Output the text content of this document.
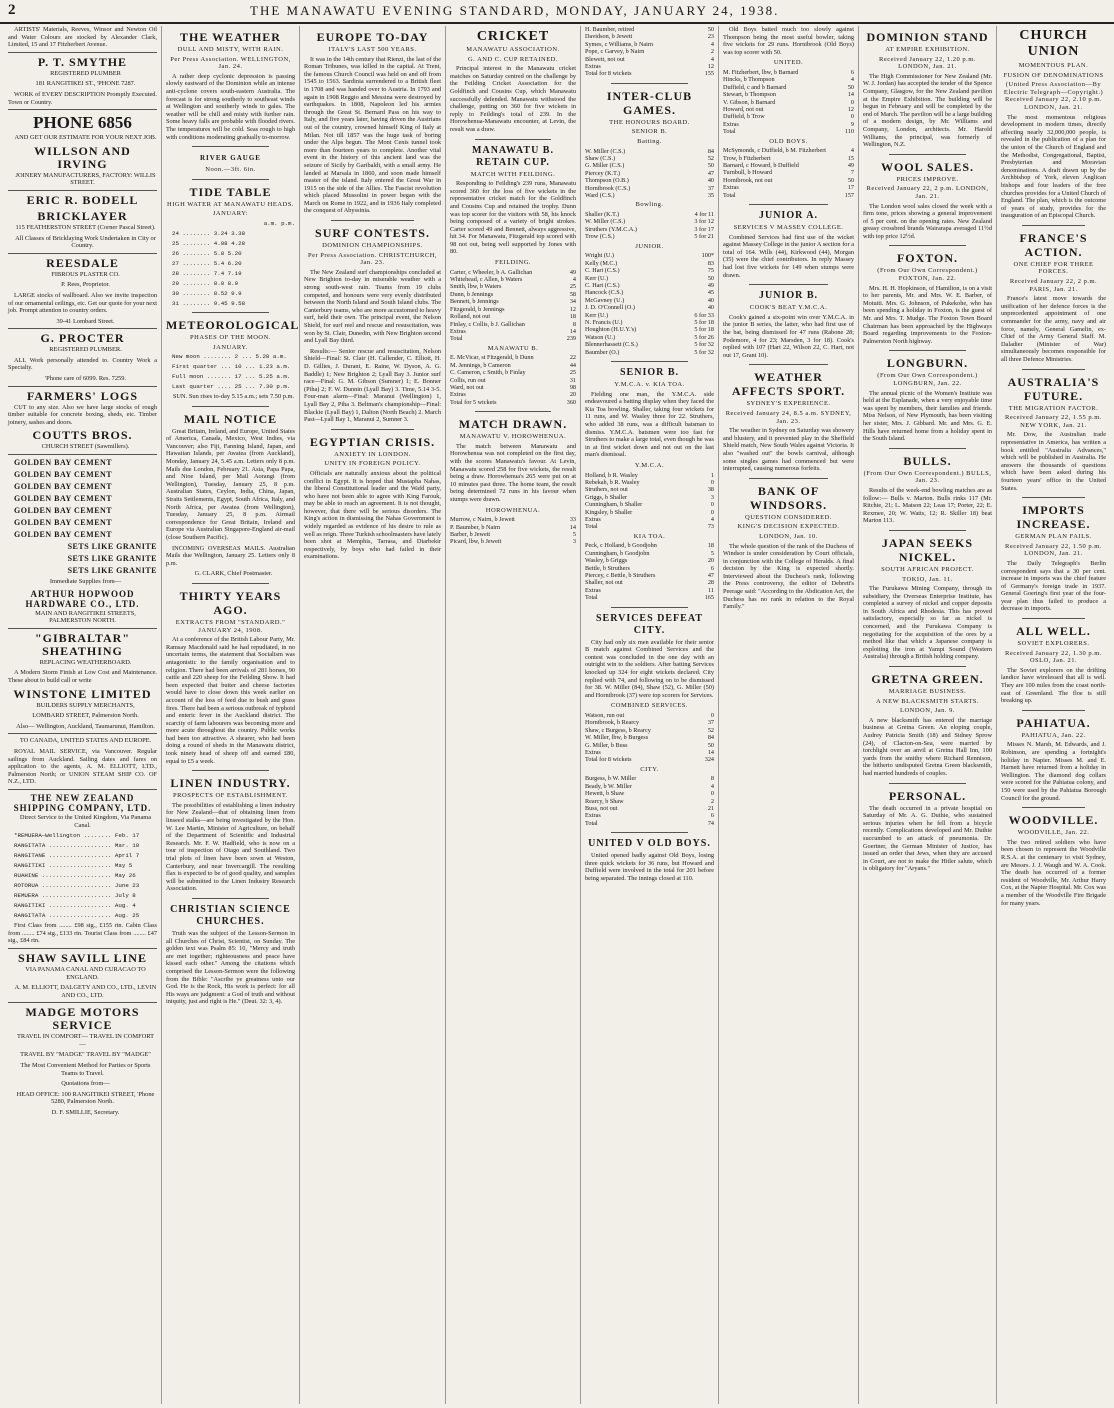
2	THE MANAWATU EVENING STANDARD, MONDAY, JANUARY 24, 1938.

ARTISTS' Materials, Reeves, Winsor and Newton Oil and Water Colours are stocked by Alexander Clark, Limited, 15 and 17 Fitzherbert Avenue.

P. T. SMYTHE

REGISTERED PLUMBER

181 RANGITIKEI ST., 'PHONE 7287.

WORK of EVERY DESCRIPTION Promptly Executed. Town or Country.

PHONE 6856

AND GET OUR ESTIMATE FOR YOUR NEXT JOB.

WILLSON AND IRVING

JOINERY MANUFACTURERS, FACTORY: WILLIS STREET.

ERIC R. BODELL
BRICKLAYER

115 FEATHERSTON STREET (Corner Pascal Street).

All Classes of Bricklaying Work Undertaken in City or Country.

REESDALE

FIBROUS PLASTER CO.

P. Rees, Proprietor.

LARGE stocks of wallboard. Also we invite inspection of our ornamental ceilings, etc. Get our quote for your next job. Prompt attention to country orders.

39-41 Lombard Street.

G. PROCTER

REGISTERED PLUMBER.

ALL Work personally attended to. Country Work a Specialty.

'Phone care of 6099. Res. 7259.

FARMERS' LOGS

CUT to any size. Also we have large stocks of rough timber suitable for concrete boxing, sheds, etc. Timber joinery, sashes and doors.

COUTTS BROS.

CHURCH STREET (Sawmillers).

GOLDEN BAY CEMENT

GOLDEN BAY CEMENT

GOLDEN BAY CEMENT

GOLDEN BAY CEMENT

GOLDEN BAY CEMENT

GOLDEN BAY CEMENT

GOLDEN BAY CEMENT

SETS LIKE GRANITE

SETS LIKE GRANITE

SETS LIKE GRANITE

Immediate Supplies from—

ARTHUR HOPWOOD HARDWARE CO., LTD.

MAIN AND RANGITIKEI STREETS, PALMERSTON NORTH.

"GIBRALTAR" SHEATHING

REPLACING WEATHERBOARD.

A Modern Storm Finish at Low Cost and Maintenance. These about to build call or write

WINSTONE LIMITED

BUILDERS SUPPLY MERCHANTS,

LOMBARD STREET, Palmerston North.

Also— Wellington, Auckland, Taumarunui, Hamilton.

TO CANADA, UNITED STATES AND EUROPE.

ROYAL MAIL SERVICE, via Vancouver. Regular sailings from Auckland. Sailing dates and fares on application to the agents, A. M. ELLIOTT, LTD., Palmerston North; or UNION STEAM SHIP CO. OF N.Z., LTD.

THE NEW ZEALAND SHIPPING COMPANY, LTD.

Direct Service to the United Kingdom, Via Panama Canal.

*REMUERA—Wellington ........ Feb. 17

RANGITATA .................. Mar. 10

RANGITANE .................. April 7

RANGITIKI .................. May 5

RUAHINE .................... May 26

ROTORUA .................... June 23

REMUERA .................... July 8

RANGITIKI .................. Aug. 4

RANGITATA .................. Aug. 25

First Class from ........ £98 stg., £155 rtn. Cabin Class from ........ £74 stg., £133 rtn. Tourist Class from ........ £47 stg., £84 rtn.

SHAW SAVILL LINE

VIA PANAMA CANAL AND CURACAO TO ENGLAND.

A. M. ELLIOTT, DALGETY AND CO., LTD., LEVIN AND CO., LTD.

MADGE MOTORS SERVICE

TRAVEL IN COMFORT— TRAVEL IN COMFORT—

TRAVEL BY "MADGE" TRAVEL BY "MADGE"

The Most Convenient Method for Parties or Sports Teams to Travel.

Quotations from—

HEAD OFFICE: 100 RANGITIKEI STREET, 'Phone 5280, Palmerston North.

D. F. SMILLIE, Secretary.

THE WEATHER
DULL AND MISTY, WITH RAIN.
Per Press Association. WELLINGTON, Jan. 24.

A rather deep cyclonic depression is passing slowly eastward of the Dominion while an intense anti-cyclone covers south-eastern Australia. The forecast is for strong southerly to southeast winds at Wellington and southerly winds to gales. The weather will be chill and misty with further rain. Some heavy falls are probable with flooded rivers. The temperatures will be cold. Seas rough to high with conditions moderating gradually to-morrow.

RIVER GAUGE
Noon.—3ft. 6in.
TIDE TABLE
HIGH WATER AT MANAWATU HEADS.
JANUARY:

a.m. p.m.

24 ........ 3.24 3.38

25 ........ 4.08 4.28

26 ........ 5.8 5.20

27 ........ 5.4 6.20

28 ........ 7.4 7.19

29 ........ 8.0 8.9

30 ........ 8.52 9.9

31 ........ 9.45 9.58

METEOROLOGICAL
PHASES OF THE MOON.
JANUARY.

New moon ........ 2 ... 5.28 a.m.

First quarter ... 10 ... 1.23 a.m.

Full moon ....... 17 ... 5.25 a.m.

Last quarter .... 25 ... 7.30 p.m.

SUN. Sun rises to-day 5.15 a.m.; sets 7.50 p.m.

MAIL NOTICE

Great Britain, Ireland, and Europe, United States of America, Canada, Mexico, West Indies, via Vancouver; also Fiji, Fanning Island, Japan, and Hawaiian Islands, per Awatea (from Auckland), Monday, January 24, 5.45 a.m. Letters only 8 p.m. Mails due London, February 21. Asia, Papa Papa, and Nioe Island, per Mail Aorangi (from Wellington), Tuesday, January 25, 8 p.m. Australian States, Ceylon, India, China, Japan, Straits Settlements, Egypt, South Africa, Italy, and North Africa, per Awatea (from Wellington), Tuesday, January 25, 8 p.m. Airmail correspondence for Great Britain, Ireland and Europe via Australian Singapore-England air-mail (close Southern Pacific).

INCOMING OVERSEAS MAILS. Australian Mails due Wellington, January 25. Letters only 8 p.m.

G. CLARK, Chief Postmaster.

THIRTY YEARS AGO.
EXTRACTS FROM "STANDARD." JANUARY 24, 1908.

At a conference of the British Labour Party, Mr. Ramsay Macdonald said he had repudiated, in no uncertain terms, the statement that Socialism was antagonistic to the family organisation and to religion. There had been arrivals of 281 horses, 90 cattle and 220 sheep for the Feilding Show. It had been expected that butter and cheese factories would have to close down this week earlier on account of the loss of feed due to bush and grass fires. There had been a serious outbreak of typhoid and enteric fever in the Auckland district. The scarcity of farm labourers was becoming more and more acute throughout the country. Public works had been too attractive. A shearer, who had been doing a round of sheds in the Manawatu district, took ninety head of sheep off and earned £80, equal to £5 a week.

LINEN INDUSTRY.
PROSPECTS OF ESTABLISHMENT.

The possibilities of establishing a linen industry for New Zealand—that of obtaining linen from linseed stalks—are being investigated by the Hon. W. Lee Martin, Minister of Agriculture, on behalf of the Department of Scientific and Industrial Research. Mr. F. W. Hadfield, who is now on a tour of inspection of Otago and Southland. Two trial plots of linen have been sown at Weston, Canterbury, and near Invercargill. The resulting flax is expected to be of good quality, and samples will be submitted to the Linen Industry Research Association.

CHRISTIAN SCIENCE CHURCHES.

Truth was the subject of the Lesson-Sermon in all Churches of Christ, Scientist, on Sunday. The golden text was Psalm 85: 10, "Mercy and truth are met together; righteousness and peace have kissed each other." Among the citations which comprised the Lesson-Sermon were the following from the Bible: "Ascribe ye greatness unto our God. He is the Rock, His work is perfect: for all His ways are judgment: a God of truth and without iniquity, just and right is He." (Deut. 32: 3, 4).

EUROPE TO-DAY
ITALY'S LAST 500 YEARS.

It was in the 14th century that Rienzi, the last of the Roman Tribunes, was killed in the capital. At Trent, the famous Church Council was held on and off from 1545 to 1563. Sardinia surrendered to a British fleet in 1708 and was handed over to Austria. In 1793 and again in 1908 Reggio and Messina were destroyed by earthquakes. In 1808, Napoleon led his armies through the Great St. Bernard Pass on his way to Italy, and five years later, having driven the Austrians out of the country, crowned himself King of Italy at Milan. Not till 1857 was the huge task of boring under the Alps begun. The Mont Cenis tunnel took more than fourteen years to complete. Another vital event in the history of this ancient land was the seizure of Sicily by Garibaldi, with a small army. He landed at Marsala in 1860, and soon made himself master of the island. Italy entered the Great War in 1915 on the side of the Allies. The Fascist revolution which placed Mussolini in power began with the March on Rome in 1922, and in 1936 Italy completed the conquest of Abyssinia.

SURF CONTESTS.
DOMINION CHAMPIONSHIPS.
Per Press Association. CHRISTCHURCH, Jan. 23.

The New Zealand surf championships concluded at New Brighton to-day in miserable weather with a strong south-west rain. Teams from 19 clubs competed, and honours were very evenly distributed between the North Island and South Island clubs. The Canterbury teams, who are more accustomed to heavy surf, held their own. The principal event, the Nelson Shield, for surf reel and rescue and resuscitation, was won by St. Clair, Dunedin, with New Brighton second and Lyall Bay third.

Results:— Senior rescue and resuscitation, Nelson Shield—Final: St. Clair (H. Callender, C. Elliott, H. D. Gillies, J. Durant, E. Raine, W. Dyson, A. G. Baddle) 1; New Brighton 2; Lyall Bay 3. Junior surf race—Final: G. M. Gibson (Sumner) 1; E. Bonner (Piha) 2; F. W. Dunnin (Lyall Bay) 3. Time, 5.14 3-5. Four-man alarm—Final: Maranui (Wellington) 1, Lyall Bay 2, Piha 3. Beltman's championship—Final: Blackie (Lyall Bay) 1, Dalton (North Beach) 2. March Past—Lyall Bay 1, Maranui 2, Sumner 3.

EGYPTIAN CRISIS.
ANXIETY IN LONDON.
UNITY IN FOREIGN POLICY.

Officials are naturally anxious about the political conflict in Egypt. It is hoped that Mustapha Nahas, the liberal Constitutional leader and the Wafd party, who have not been able to agree with King Farouk, may be able to reach an agreement. It is not thought, however, that there will be serious disorders. The King's action in dismissing the Nahas Government is widely regarded as evidence of his desire to rule as well as reign. Three Turkish schoolmasters have lately been shot at Memphis, Tarrasa, and Diarbekir respectively, by boys who had failed in their examinations.

CRICKET
MANAWATU ASSOCIATION.
G. AND C. CUP RETAINED.

Principal interest in the Manawatu cricket matches on Saturday centred on the challenge by the Feilding Cricket Association for the Goldfinch and Cousins Cup, which Manawatu successfully defended. Manawatu withstood the challenge, putting on 360 for five wickets in reply to Feilding's total of 239. In the Horowhenua-Manawatu encounter, at Levin, the result was a draw.

MANAWATU B. RETAIN CUP.
MATCH WITH FEILDING.

Responding to Feilding's 239 runs, Manawatu scored 360 for the loss of five wickets in the representative cricket match for the Goldfinch and Cousins Cup and retained the trophy. Dunn was top scorer for the visitors with 58, his knock being composed of a variety of bright strokes. Carter scored 49 and Bennett, always aggressive, hit 34. For Manawatu, Fitzgerald top scored with 98 not out, being well supported by Jones with 80.

FEILDING.
Carter, c Wheeler, b A. Gallichan	49
Whitehead, c Allen, b Waters	4
Smith, lbw, b Waters	25
Dunn, b Jennings	58
Bennett, b Jennings	34
Fitzgerald, b Jennings	12
Rolland, not out	18
Finlay, c Collis, b J. Gallichan	8
Extras	14
Total	239
MANAWATU B.
E. McVicar, st Fitzgerald, b Dunn	22
M. Jennings, b Cameron	44
C. Cameron, c Smith, b Finlay	25
Collis, run out	31
Ward, not out	98
Extras	20
Total for 5 wickets	360
MATCH DRAWN.
MANAWATU V. HOROWHENUA.

The match between Manawatu and Horowhenua was not completed on the first day, with the scores Manawatu's favour. At Levin, Manawatu scored 258 for five wickets, the result being a draw. Horowhenua's 265 were put on at 10 minutes past three. The home team, the result being determined 72 runs in his favour when stumps were drawn.

HOROWHENUA.
Murrow, c Nairn, b Jewett	33
P. Baumber, b Nairn	14
Barber, b Jewett	5
Picard, lbw, b Jewett	3
H. Baumber, retired	50
Davidson, b Jewett	23
Symes, c Williams, b Nairn	4
Pope, c Garvey, b Nairn	2
Blewett, not out	4
Extras	12
Total for 8 wickets	155
INTER-CLUB GAMES.
THE HONOURS BOARD.
SENIOR B.
Batting.
W. Miller (C.S.)	84
Shaw (C.S.)	52
G. Miller (C.S.)	50
Piercey (K.T.)	47
Thompson (O.B.)	40
Hornibrook (C.S.)	37
Ward (C.S.)	35
Bowling.
Shaller (K.T.)	4 for 11
W. Miller (C.S.)	3 for 12
Struthers (Y.M.C.A.)	3 for 17
Trow (C.S.)	5 for 21
JUNIOR.
Wright (U.)	100*
Kelly (M.C.)	83
C. Hart (C.S.)	75
Kerr (U.)	50
C. Hart (C.S.)	49
Hancock (C.S.)	45
McGavney (U.)	40
J. D. O'Connell (O.)	40
Kerr (U.)	6 for 33
N. Francis (U.)	5 for 18
Houghton (H.U.Y.'s)	5 for 18
Watson (U.)	5 for 26
Blennerhassett (C.S.)	5 for 32
Baumber (O.)	5 for 32
SENIOR B.
Y.M.C.A. v. KIA TOA.

Fielding one man, the Y.M.C.A. side endeavoured a batting display when they faced the Kia Toa bowling. Shaller, taking four wickets for 11 runs, and W. Wasley three for 22. Struthers, who added 38 runs, was a difficult batsman to dismiss. Y.M.C.A. batsmen were too fast for Struthers to make a large total, even though he was in at first wicket down and not out on the last man's dismissal.

Y.M.C.A.
Holland, b R. Wasley	1
Rebekah, b R. Wasley	0
Struthers, not out	38
Griggs, b Shaller	3
Cunningham, b Shaller	0
Kingsley, b Shaller	0
Extras	4
Total	73
KIA TOA.
Peck, c Holland, b Goodjohn	18
Cunningham, b Goodjohn	5
Wasley, b Griggs	20
Bettle, b Struthers	6
Piercey, c Bettle, b Struthers	47
Shaller, not out	28
Extras	11
Total	165
SERVICES DEFEAT CITY.

City had only six men available for their senior B match against Combined Services and the contest was concluded in the one day with an outright win to the soldiers. After batting Services knocked up 324 for eight wickets declared. City replied with 74, and following on to be dismissed for 38. W. Miller (84), Shaw (52), G. Miller (50) and Hornibrook (37) were top scorers for Services.

COMBINED SERVICES.
Watson, run out	0
Hornibrook, b Rearcy	37
Shaw, c Burgess, b Rearcy	52
W. Miller, lbw, b Burgess	84
G. Miller, b Buss	50
Extras	14
Total for 8 wickets	324
CITY.
Burgess, b W. Miller	8
Beady, b W. Miller	4
Hewett, b Shaw	0
Rearcy, b Shaw	2
Buss, not out	21
Extras	6
Total	74
UNITED V OLD BOYS.

United opened badly against Old Boys, losing three quick wickets for 36 runs, but Howard and Duffield were involved in the total for 201 before being separated. The innings closed at 110.

Old Boys batted much too slowly against Thompson being the most useful bowler, taking five wickets for 29 runs. Hornibrook (Old Boys) was top scorer with 50.

UNITED.
M. Fitzherbert, lbw, b Barnard	6
Hincks, b Thompson	4
Duffield, c and b Barnard	50
Stewart, b Thompson	14
V. Gibson, b Barnard	0
Howard, not out	12
Duffield, b Trow	0
Extras	9
Total	110
OLD BOYS.
McSymonds, c Duffield, b M. Fitzherbert	4
Trow, b Fitzherbert	15
Barnard, c Howard, b Duffield	49
Turnbull, b Howard	7
Hornibrook, not out	50
Extras	17
Total	157
JUNIOR A.
SERVICES V MASSEY COLLEGE.

Combined Services had first use of the wicket against Massey College in the junior A section for a total of 164. Wills (44), Kirkwood (44), Morgan (35) were the chief contributors. In reply Massey had lost five wickets for 149 when stumps were drawn.

JUNIOR B.
COOK'S BEAT Y.M.C.A.

Cook's gained a six-point win over Y.M.C.A. in the junior B series, the latter, who had first use of the bat, being dismissed for 47 runs (Rabone 28; Podemore, 4 for 23; Marsden, 3 for 18). Cook's replied with 107 (Hart 22, Wilson 22, C. Hart, not out 17, Grant 10).

WEATHER AFFECTS SPORT.
SYDNEY'S EXPERIENCE.
Received January 24, 8.5 a.m. SYDNEY, Jan. 23.

The weather in Sydney on Saturday was showery and blustery, and it prevented play in the Sheffield Shield match, New South Wales against Victoria. It also "washed out" the bowls carnival, although some singles games had commenced but were interrupted, causing numerous forfeits.

BANK OF WINDSORS.
QUESTION CONSIDERED.
KING'S DECISION EXPECTED.
LONDON, Jan. 10.

The whole question of the rank of the Duchess of Windsor is under consideration by Court officials, in conjunction with the College of Heralds. A final decision by the King is expected shortly. Interviewed about the Duchess's rank, following the Press controversy, the editor of Debrett's Peerage said: "According to the Abdication Act, the Duchess has no rank in relation to the Royal Family."

DOMINION STAND
AT EMPIRE EXHIBITION.
Received January 22, 1.20 p.m. LONDON, Jan. 21.

The High Commissioner for New Zealand (Mr. W. J. Jordan) has accepted the tender of the Spence Company, Glasgow, for the New Zealand pavilion at the Empire Exhibition. The building will be begun in February and will be completed by the end of March. The pavilion will be a large building of a modern design, by Mr. Williams and Company, London, architects. Mr. Harold Williams, the principal, was formerly of Wellington, N.Z.

WOOL SALES.
PRICES IMPROVE.
Received January 22, 2 p.m. LONDON, Jan. 21.

The London wool sales closed the week with a firm tone, prices showing a general improvement of 5 per cent. on the opening rates. New Zealand greasy crossbred brands Wairarapa averaged 11½d with top price 12½d.

FOXTON.
(From Our Own Correspondent.) FOXTON, Jan. 22.

Mrs. H. H. Hopkinson, of Hamilton, is on a visit to her parents, Mr. and Mrs. W. E. Barber, of Motuiti. Mrs. G. Johnson, of Pukekohe, who has been spending a holiday in Foxton, is the guest of Mr. and Mrs. T. Mudge. The Foxton Town Board Chairman has been approached by the Highways Board regarding improvements to the Foxton-Palmerston North highway.

LONGBURN.
(From Our Own Correspondent.) LONGBURN, Jan. 22.

The annual picnic of the Women's Institute was held at the Esplanade, when a very enjoyable time was spent by members, their families and friends. Miss Nelson, of New Plymouth, has been visiting her sister, Mrs. J. Gibbard. Mr. and Mrs. G. E. Hills have returned home from a holiday spent in the South Island.

BULLS.
(From Our Own Correspondent.) BULLS, Jan. 23.

Results of the week-end bowling matches are as follow:— Bulls v. Marton. Bulls rinks 117 (Mr. Ritchie, 21; L. Matson 22; Leas 17; Porter, 22; E. Rexmee, 20; W. Watts, 12; R. Skiller 18) beat Marton 113.

JAPAN SEEKS NICKEL.
SOUTH AFRICAN PROJECT.
TOKIO, Jan. 11.

The Furukawa Mining Company, through its subsidiary, the Overseas Enterprise Institute, has completed a survey of nickel and copper deposits in South Africa and Rhodesia. This has proved satisfactory, especially so far as nickel is concerned, and the Furukawa Company is negotiating for the acquisition of the ores by a method like that which a Japanese company is exploiting the iron at Yampi Sound (Western Australia) through a British holding company.

GRETNA GREEN.
MARRIAGE BUSINESS.
A NEW BLACKSMITH STARTS.
LONDON, Jan. 9.

A new blacksmith has entered the marriage business at Gretna Green. An eloping couple, Audrey Patricia Smith (18) and Sidney Sprow (24), of Clacton-on-Sea, were married by torchlight over an anvil at Gretna Hall Inn, 100 yards from the smithy where Richard Rennison, the hitherto undisputed Gretna Green blacksmith, had married hundreds of couples.

PERSONAL.

The death occurred in a private hospital on Saturday of Mr. A. G. Duthie, who sustained serious injuries when he fell from a bicycle recently. Complications developed and Mr. Duthie succumbed to an attack of pneumonia. Dr. Goertner, the German Minister of Justice, has issued an order that Jews, when they are accused in Court, are not to make the Hitler salute, which is obligatory for "Aryans."

CHURCH UNION
MOMENTOUS PLAN.
FUSION OF DENOMINATIONS
(United Press Association—By Electric Telegraph—Copyright.) Received January 22, 2.10 p.m. LONDON, Jan. 21.

The most momentous religious development in modern times, directly affecting nearly 32,000,000 people, is revealed in the publication of a plan for the union of the Church of England and the Methodist, Congregational, Baptist, Presbyterian and Moravian denominations. A draft drawn up by the Archbishop of York, eleven Anglican bishops and four leaders of the free churches provides for a United Church of England. The plan, which is the outcome of years of study, provides for the inauguration of an Episcopal Church.

FRANCE'S ACTION.
ONE CHIEF FOR THREE FORCES.
Received January 22, 2 p.m. PARIS, Jan. 21.

France's latest move towards the unification of her defence forces is the unprecedented appointment of one commander for the army, navy and air force, namely, General Gamelin, ex-Chief of the Army General Staff. M. Daladier (Minister of War) simultaneously becomes responsible for all three Defence Ministries.

AUSTRALIA'S FUTURE.
THE MIGRATION FACTOR.
Received January 22, 1.55 p.m. NEW YORK, Jan. 21.

Mr. Dow, the Australian trade representative in America, has written a book entitled "Australia Advances," which will be published in Australia. He answers the thousands of questions which have been asked during his fourteen years' office in the United States.

IMPORTS INCREASE.
GERMAN PLAN FAILS.
Received January 22, 1.50 p.m. LONDON, Jan. 21.

The Daily Telegraph's Berlin correspondent says that a 30 per cent. increase in imports was the chief feature of Germany's foreign trade in 1937. General Goering's first year of the four-year plan thus failed to produce a decrease in imports.

ALL WELL.
SOVIET EXPLORERS.
Received January 22, 1.30 p.m. OSLO, Jan. 21.

The Soviet explorers on the drifting landice have wirelessed that all is well. They are 100 miles from the coast north-east of Greenland. The floe is still breaking up.

PAHIATUA.
PAHIATUA, Jan. 22.

Misses N. Marsh, M. Edwards, and J. Robinson, are spending a fortnight's holiday in Napier. Misses M. and E. Harnett have returned from a holiday in Wellington. The diamond dog collars were scored for the Pahiatua colony, and 150 were used by the Pahiatua Borough Council for the ground.

WOODVILLE.
WOODVILLE, Jan. 22.

The two retired soldiers who have been chosen to represent the Woodville R.S.A. at the centenary to visit Sydney, are Messrs. J. J. Waugh and W. A. Cook. The death has occurred of a former resident of Woodville, Mr. Arthur Harry Cox, at the Napier Hospital. Mr. Cox was a member of the Woodville Fire Brigade for many years.
